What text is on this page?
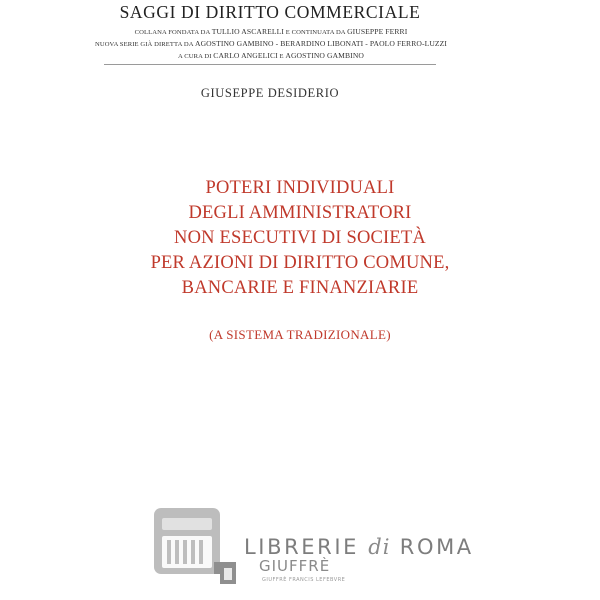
SAGGI DI DIRITTO COMMERCIALE
COLLANA FONDATA DA TULLIO ASCARELLI E CONTINUATA DA GIUSEPPE FERRI
NUOVA SERIE GIÀ DIRETTA DA AGOSTINO GAMBINO - BERARDINO LIBONATI - PAOLO FERRO-LUZZI
A CURA DI CARLO ANGELICI E AGOSTINO GAMBINO
GIUSEPPE DESIDERIO
POTERI INDIVIDUALI
DEGLI AMMINISTRATORI
NON ESECUTIVI DI SOCIETÀ
PER AZIONI DI DIRITTO COMUNE,
BANCARIE E FINANZIARIE
(A SISTEMA TRADIZIONALE)
LIBRERIE di ROMA
GIUFFRÈ
GIUFFRÈ FRANCIS LEFEBVRE
